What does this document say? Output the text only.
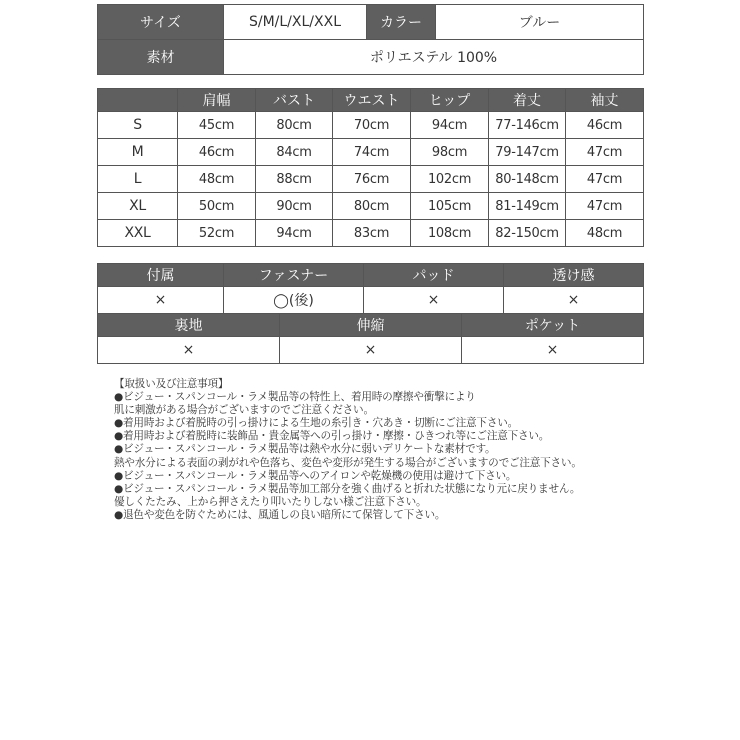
サイズ	S/M/L/XL/XXL	カラー	ブルー
素材	ポリエステル 100%		
	肩幅	バスト	ウエスト	ヒップ	着丈	袖丈
S	45cm	80cm	70cm	94cm	77-146cm	46cm
M	46cm	84cm	74cm	98cm	79-147cm	47cm
L	48cm	88cm	76cm	102cm	80-148cm	47cm
XL	50cm	90cm	80cm	105cm	81-149cm	47cm
XXL	52cm	94cm	83cm	108cm	82-150cm	48cm
付属	ファスナー	パッド	透け感
×	◯(後)	×	×
裏地	伸縮	ポケット
×	×	×
【取扱い及び注意事項】
●ビジュー・スパンコール・ラメ製品等の特性上、着用時の摩擦や衝撃により
肌に刺激がある場合がございますのでご注意ください。
●着用時および着脱時の引っ掛けによる生地の糸引き・穴あき・切断にご注意下さい。
●着用時および着脱時に装飾品・貴金属等への引っ掛け・摩擦・ひきつれ等にご注意下さい。
●ビジュー・スパンコール・ラメ製品等は熱や水分に弱いデリケートな素材です。
熱や水分による表面の剥がれや色落ち、変色や変形が発生する場合がございますのでご注意下さい。
●ビジュー・スパンコール・ラメ製品等へのアイロンや乾燥機の使用は避けて下さい。
●ビジュー・スパンコール・ラメ製品等加工部分を強く曲げると折れた状態になり元に戻りません。
優しくたたみ、上から押さえたり叩いたりしない様ご注意下さい。
●退色や変色を防ぐためには、風通しの良い暗所にて保管して下さい。
